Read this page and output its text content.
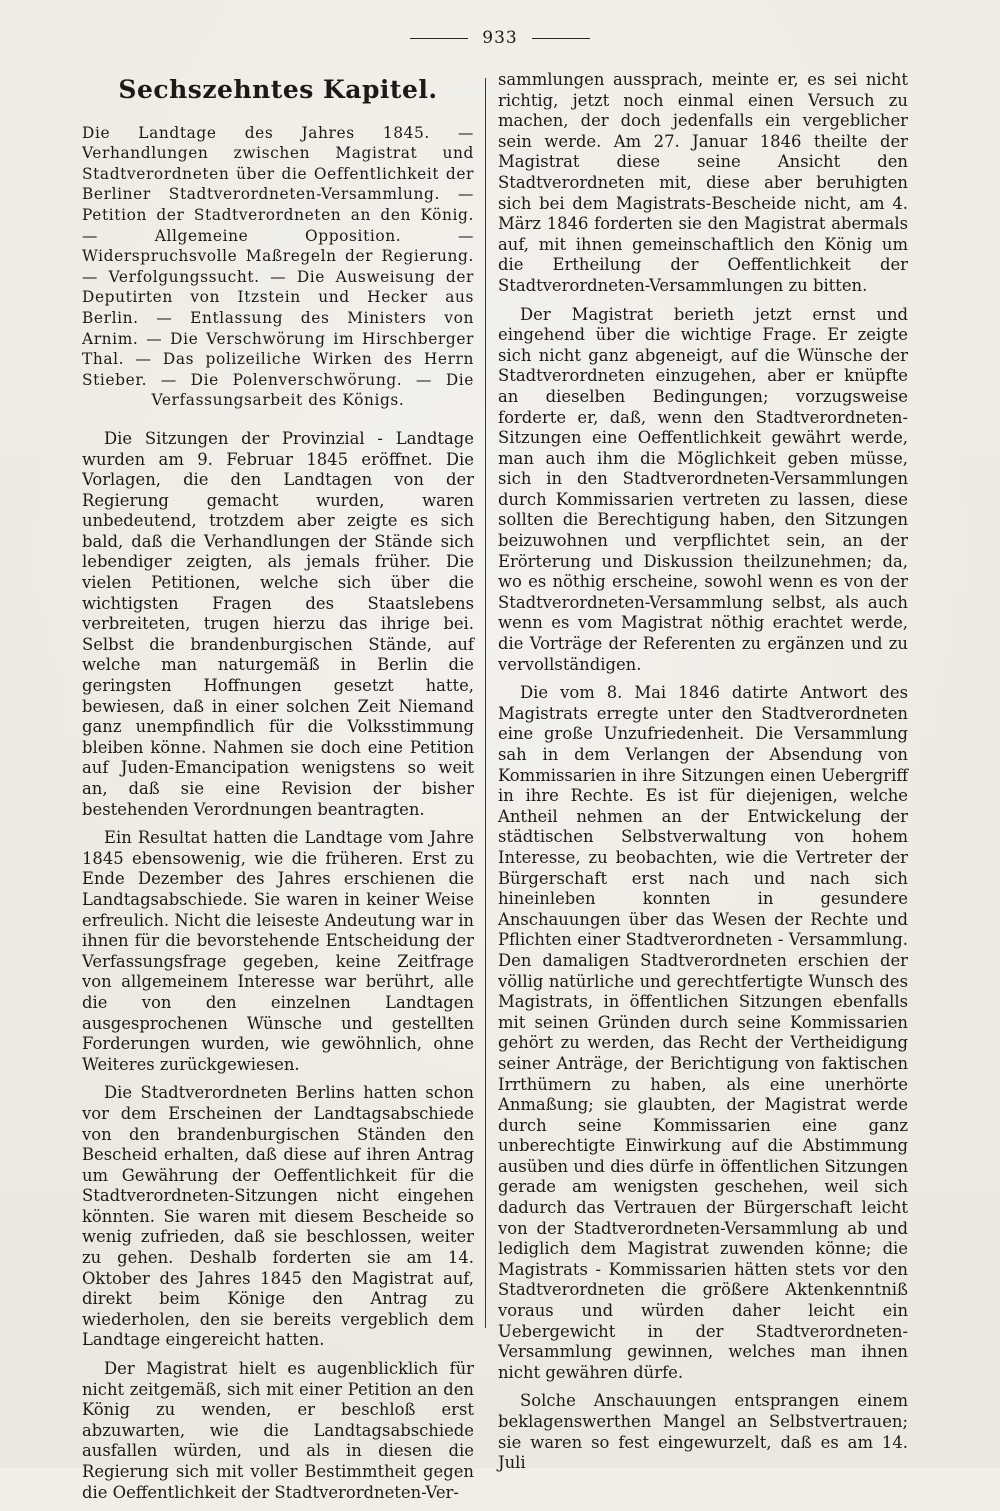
933
Sechszehntes Kapitel.
Die Landtage des Jahres 1845. — Verhandlungen zwischen Magistrat und Stadtverordneten über die Oeffentlichkeit der Berliner Stadtverordneten-Versammlung. — Petition der Stadtverordneten an den König. — Allgemeine Opposition. — Widerspruchsvolle Maßregeln der Regierung. — Verfolgungssucht. — Die Ausweisung der Deputirten von Itzstein und Hecker aus Berlin. — Entlassung des Ministers von Arnim. — Die Verschwörung im Hirschberger Thal. — Das polizeiliche Wirken des Herrn Stieber. — Die Polenverschwörung. — Die Verfassungsarbeit des Königs.

Die Sitzungen der Provinzial - Landtage wurden am 9. Februar 1845 eröffnet. Die Vorlagen, die den Landtagen von der Regierung gemacht wurden, waren unbedeutend, trotzdem aber zeigte es sich bald, daß die Verhandlungen der Stände sich lebendiger zeigten, als jemals früher. Die vielen Petitionen, welche sich über die wichtigsten Fragen des Staatslebens verbreiteten, trugen hierzu das ihrige bei. Selbst die brandenburgischen Stände, auf welche man naturgemäß in Berlin die geringsten Hoffnungen gesetzt hatte, bewiesen, daß in einer solchen Zeit Niemand ganz unempfindlich für die Volksstimmung bleiben könne. Nahmen sie doch eine Petition auf Juden-Emancipation wenigstens so weit an, daß sie eine Revision der bisher bestehenden Verordnungen beantragten.

Ein Resultat hatten die Landtage vom Jahre 1845 ebensowenig, wie die früheren. Erst zu Ende Dezember des Jahres erschienen die Landtagsabschiede. Sie waren in keiner Weise erfreulich. Nicht die leiseste Andeutung war in ihnen für die bevorstehende Entscheidung der Verfassungsfrage gegeben, keine Zeitfrage von allgemeinem Interesse war berührt, alle die von den einzelnen Landtagen ausgesprochenen Wünsche und gestellten Forderungen wurden, wie gewöhnlich, ohne Weiteres zurückgewiesen.

Die Stadtverordneten Berlins hatten schon vor dem Erscheinen der Landtagsabschiede von den brandenburgischen Ständen den Bescheid erhalten, daß diese auf ihren Antrag um Gewährung der Oeffentlichkeit für die Stadtverordneten-Sitzungen nicht eingehen könnten. Sie waren mit diesem Bescheide so wenig zufrieden, daß sie beschlossen, weiter zu gehen. Deshalb forderten sie am 14. Oktober des Jahres 1845 den Magistrat auf, direkt beim Könige den Antrag zu wiederholen, den sie bereits vergeblich dem Landtage eingereicht hatten.

Der Magistrat hielt es augenblicklich für nicht zeitgemäß, sich mit einer Petition an den König zu wenden, er beschloß erst abzuwarten, wie die Landtagsabschiede ausfallen würden, und als in diesen die Regierung sich mit voller Bestimmtheit gegen die Oeffentlichkeit der Stadtverordneten-Ver-

sammlungen aussprach, meinte er, es sei nicht richtig, jetzt noch einmal einen Versuch zu machen, der doch jedenfalls ein vergeblicher sein werde. Am 27. Januar 1846 theilte der Magistrat diese seine Ansicht den Stadtverordneten mit, diese aber beruhigten sich bei dem Magistrats-Bescheide nicht, am 4. März 1846 forderten sie den Magistrat abermals auf, mit ihnen gemeinschaftlich den König um die Ertheilung der Oeffentlichkeit der Stadtverordneten-Versammlungen zu bitten.

Der Magistrat berieth jetzt ernst und eingehend über die wichtige Frage. Er zeigte sich nicht ganz abgeneigt, auf die Wünsche der Stadtverordneten einzugehen, aber er knüpfte an dieselben Bedingungen; vorzugsweise forderte er, daß, wenn den Stadtverordneten-Sitzungen eine Oeffentlichkeit gewährt werde, man auch ihm die Möglichkeit geben müsse, sich in den Stadtverordneten-Versammlungen durch Kommissarien vertreten zu lassen, diese sollten die Berechtigung haben, den Sitzungen beizuwohnen und verpflichtet sein, an der Erörterung und Diskussion theilzunehmen; da, wo es nöthig erscheine, sowohl wenn es von der Stadtverordneten-Versammlung selbst, als auch wenn es vom Magistrat nöthig erachtet werde, die Vorträge der Referenten zu ergänzen und zu vervollständigen.

Die vom 8. Mai 1846 datirte Antwort des Magistrats erregte unter den Stadtverordneten eine große Unzufriedenheit. Die Versammlung sah in dem Verlangen der Absendung von Kommissarien in ihre Sitzungen einen Uebergriff in ihre Rechte. Es ist für diejenigen, welche Antheil nehmen an der Entwickelung der städtischen Selbstverwaltung von hohem Interesse, zu beobachten, wie die Vertreter der Bürgerschaft erst nach und nach sich hineinleben konnten in gesundere Anschauungen über das Wesen der Rechte und Pflichten einer Stadtverordneten - Versammlung. Den damaligen Stadtverordneten erschien der völlig natürliche und gerechtfertigte Wunsch des Magistrats, in öffentlichen Sitzungen ebenfalls mit seinen Gründen durch seine Kommissarien gehört zu werden, das Recht der Vertheidigung seiner Anträge, der Berichtigung von faktischen Irrthümern zu haben, als eine unerhörte Anmaßung; sie glaubten, der Magistrat werde durch seine Kommissarien eine ganz unberechtigte Einwirkung auf die Abstimmung ausüben und dies dürfe in öffentlichen Sitzungen gerade am wenigsten geschehen, weil sich dadurch das Vertrauen der Bürgerschaft leicht von der Stadtverordneten-Versammlung ab und lediglich dem Magistrat zuwenden könne; die Magistrats - Kommissarien hätten stets vor den Stadtverordneten die größere Aktenkenntniß voraus und würden daher leicht ein Uebergewicht in der Stadtverordneten-Versammlung gewinnen, welches man ihnen nicht gewähren dürfe.

Solche Anschauungen entsprangen einem beklagenswerthen Mangel an Selbstvertrauen; sie waren so fest eingewurzelt, daß es am 14. Juli
